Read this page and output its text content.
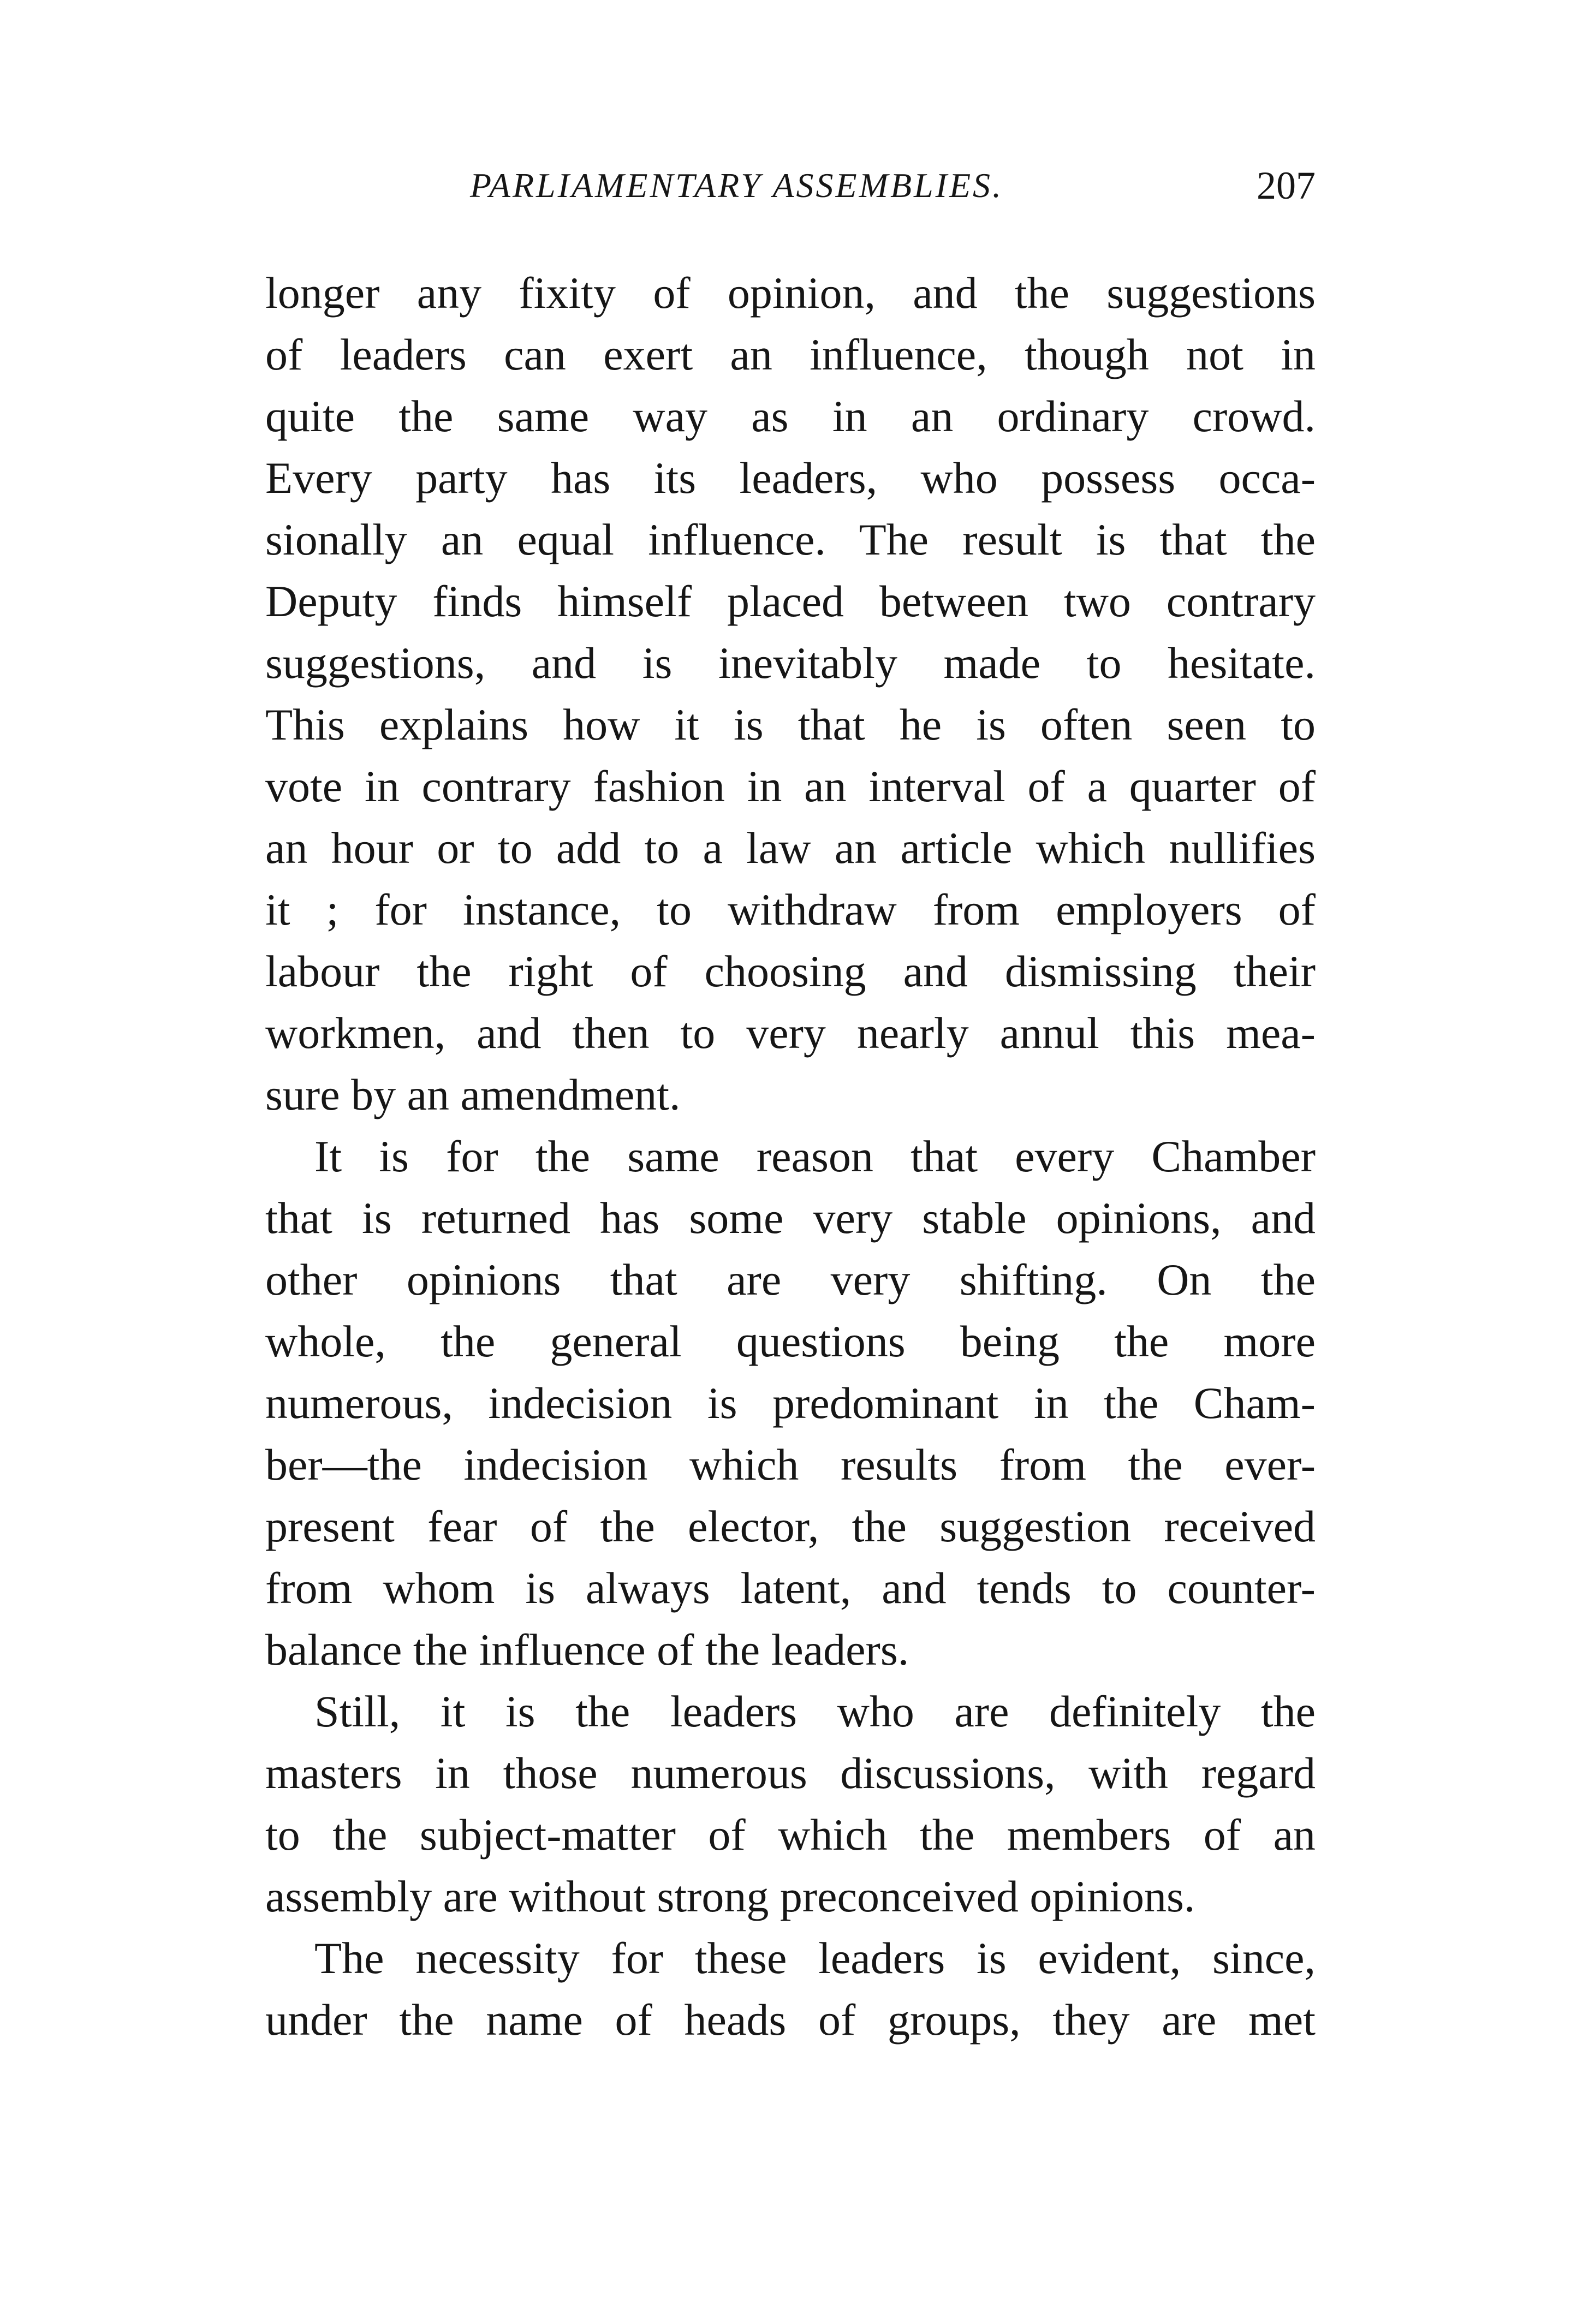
PARLIAMENTARY ASSEMBLIES.	207
longer any fixity of opinion, and the suggestions
of leaders can exert an influence, though not in
quite the same way as in an ordinary crowd.
Every party has its leaders, who possess occa-
sionally an equal influence. The result is that the
Deputy finds himself placed between two contrary
suggestions, and is inevitably made to hesitate.
This explains how it is that he is often seen to
vote in contrary fashion in an interval of a quarter of
an hour or to add to a law an article which nullifies
it ; for instance, to withdraw from employers of
labour the right of choosing and dismissing their
workmen, and then to very nearly annul this mea-
sure by an amendment.
It is for the same reason that every Chamber
that is returned has some very stable opinions, and
other opinions that are very shifting. On the
whole, the general questions being the more
numerous, indecision is predominant in the Cham-
ber—the indecision which results from the ever-
present fear of the elector, the suggestion received
from whom is always latent, and tends to counter-
balance the influence of the leaders.
Still, it is the leaders who are definitely the
masters in those numerous discussions, with regard
to the subject-matter of which the members of an
assembly are without strong preconceived opinions.
The necessity for these leaders is evident, since,
under the name of heads of groups, they are met
